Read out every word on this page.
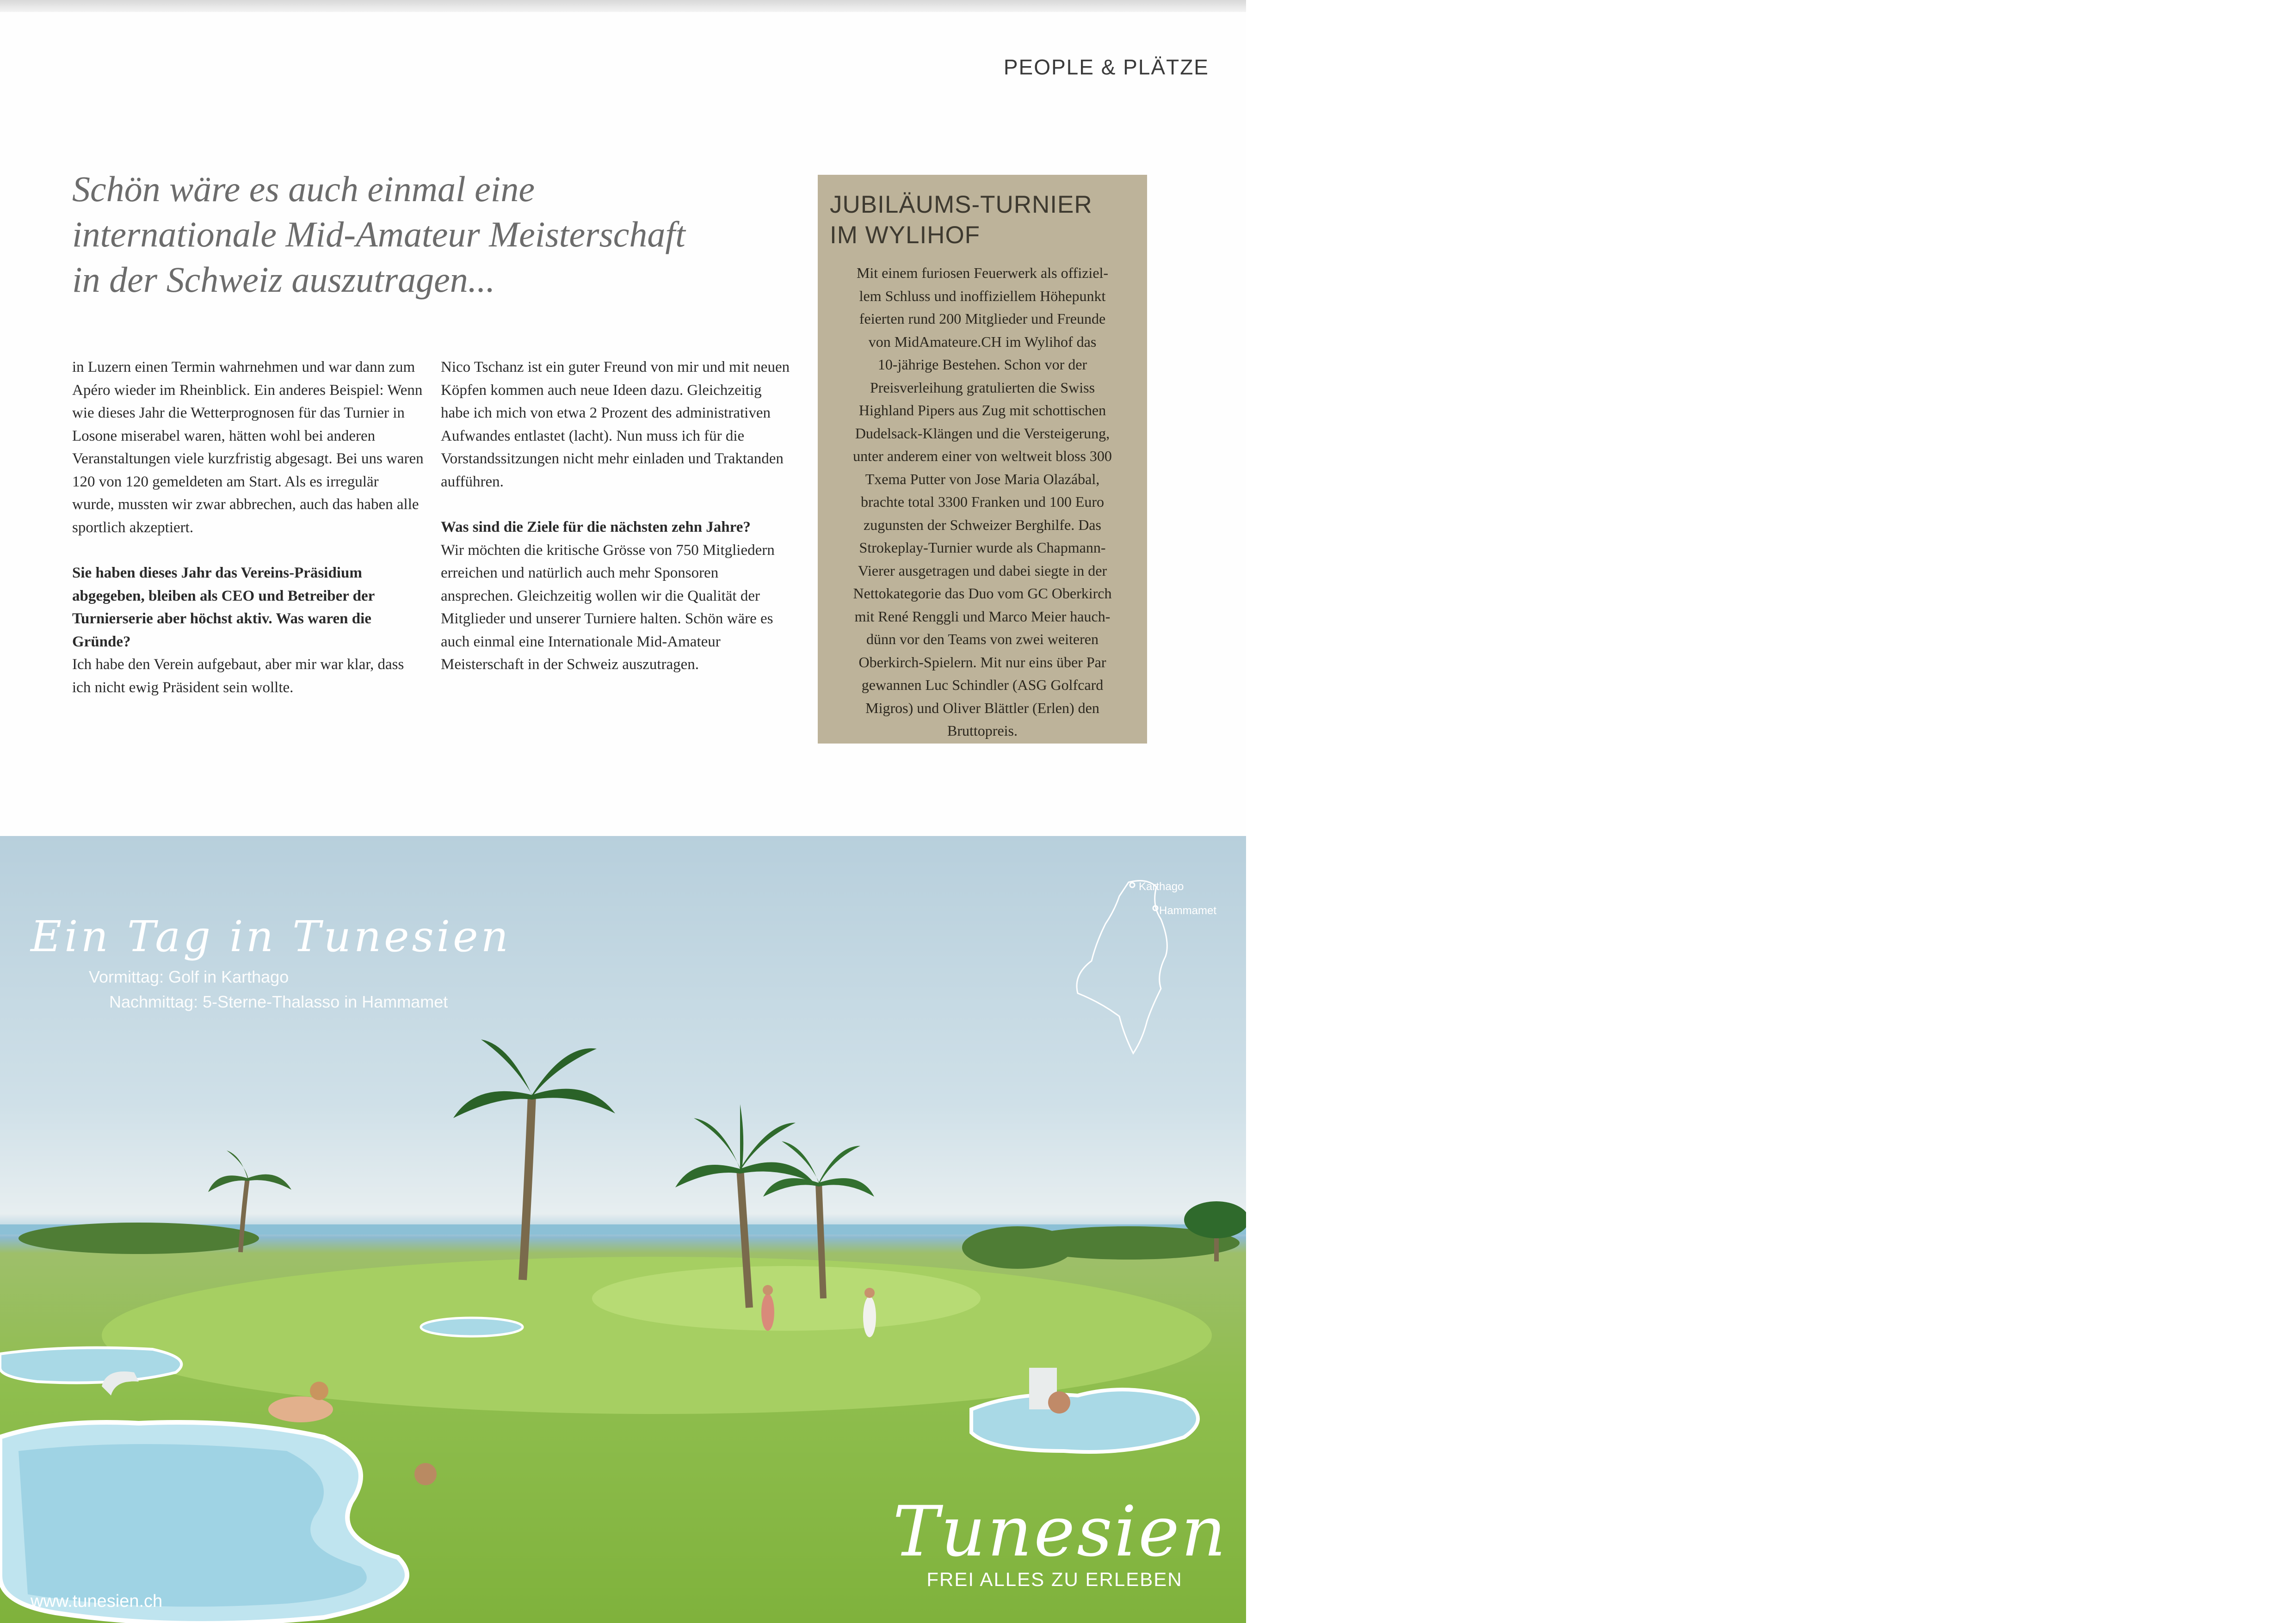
PEOPLE & PLÄTZE
Schön wäre es auch einmal eine
internationale Mid-Amateur Meisterschaft
in der Schweiz auszutragen...

in Luzern einen Termin wahrnehmen und war dann zum Apéro wieder im Rheinblick. Ein anderes Beispiel: Wenn wie dieses Jahr die Wetterprognosen für das Turnier in Losone miserabel waren, hätten wohl bei anderen Veranstaltungen viele kurzfristig abgesagt. Bei uns waren 120 von 120 gemeldeten am Start. Als es irregulär wurde, mussten wir zwar abbrechen, auch das haben alle sportlich akzeptiert.

Sie haben dieses Jahr das Vereins-Präsidium abgegeben, bleiben als CEO und Betreiber der Turnierserie aber höchst aktiv. Was waren die Gründe?
Ich habe den Verein aufgebaut, aber mir war klar, dass ich nicht ewig Präsident sein wollte.

Nico Tschanz ist ein guter Freund von mir und mit neuen Köpfen kommen auch neue Ideen dazu. Gleichzeitig habe ich mich von etwa 2 Prozent des administrativen Aufwandes entlastet (lacht). Nun muss ich für die Vorstandssitzungen nicht mehr einladen und Traktanden aufführen.

Was sind die Ziele für die nächsten zehn Jahre?
Wir möchten die kritische Grösse von 750 Mitgliedern erreichen und natürlich auch mehr Sponsoren ansprechen. Gleichzeitig wollen wir die Qualität der Mitglieder und unserer Turniere halten. Schön wäre es auch einmal eine Internationale Mid-Amateur Meisterschaft in der Schweiz auszutragen.

JUBILÄUMS-TURNIER
IM WYLIHOF
Mit einem furiosen Feuerwerk als offiziel-
lem Schluss und inoffiziellem Höhepunkt
feierten rund 200 Mitglieder und Freunde
von MidAmateure.CH im Wylihof das
10-jährige Bestehen. Schon vor der
Preisverleihung gratulierten die Swiss
Highland Pipers aus Zug mit schottischen
Dudelsack-Klängen und die Versteigerung,
unter anderem einer von weltweit bloss 300
Txema Putter von Jose Maria Olazábal,
brachte total 3300 Franken und 100 Euro
zugunsten der Schweizer Berghilfe. Das
Strokeplay-Turnier wurde als Chapmann-
Vierer ausgetragen und dabei siegte in der
Nettokategorie das Duo vom GC Oberkirch
mit René Renggli und Marco Meier hauch-
dünn vor den Teams von zwei weiteren
Oberkirch-Spielern. Mit nur eins über Par
gewannen Luc Schindler (ASG Golfcard
Migros) und Oliver Blättler (Erlen) den
Bruttopreis.
Karthago
Hammamet
Ein Tag in Tunesien
Vormittag: Golf in Karthago
Nachmittag: 5-Sterne-Thalasso in Hammamet
www.tunesien.ch
Tunesien
FREI ALLES ZU ERLEBEN
